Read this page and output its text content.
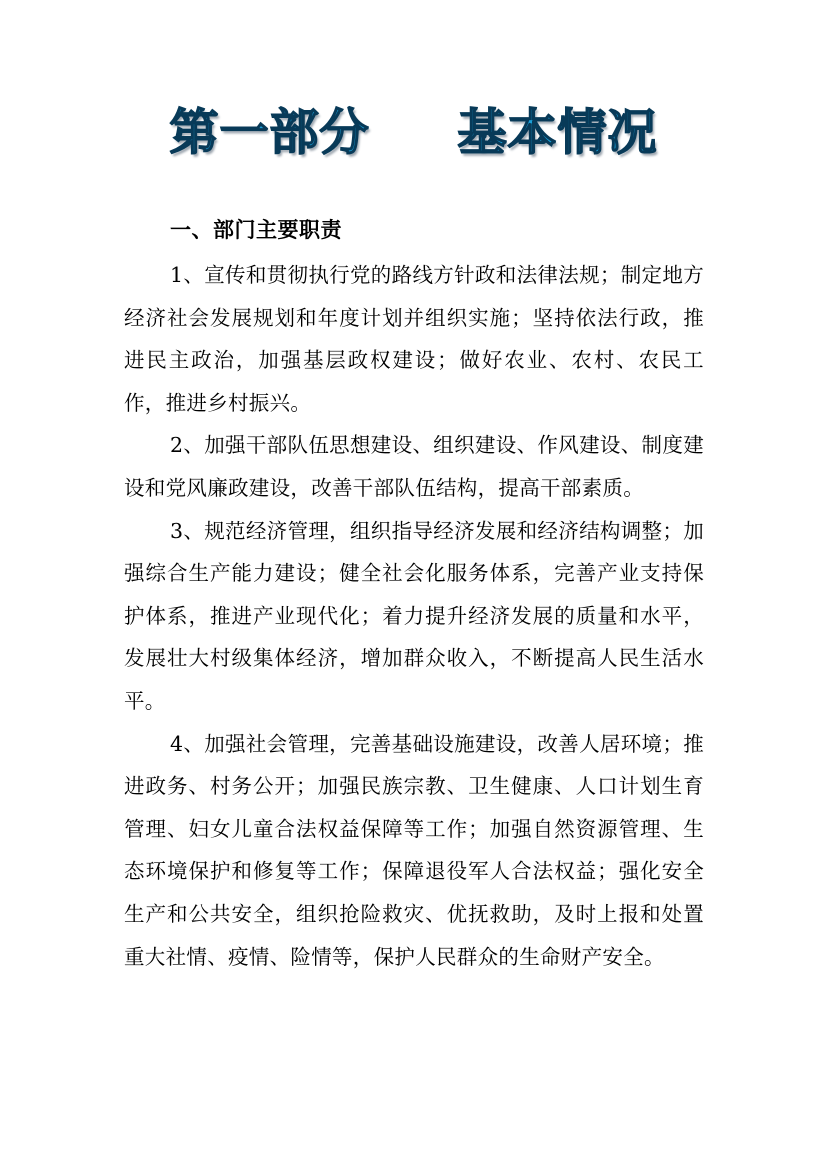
第一部分 基本情况
一、部门主要职责

1、宣传和贯彻执行党的路线方针政和法律法规；制定地方经济社会发展规划和年度计划并组织实施；坚持依法行政，推进民主政治，加强基层政权建设；做好农业、农村、农民工作，推进乡村振兴。

2、加强干部队伍思想建设、组织建设、作风建设、制度建设和党风廉政建设，改善干部队伍结构，提高干部素质。

3、规范经济管理，组织指导经济发展和经济结构调整；加强综合生产能力建设；健全社会化服务体系，完善产业支持保护体系，推进产业现代化；着力提升经济发展的质量和水平，发展壮大村级集体经济，增加群众收入，不断提高人民生活水平。

4、加强社会管理，完善基础设施建设，改善人居环境；推进政务、村务公开；加强民族宗教、卫生健康、人口计划生育管理、妇女儿童合法权益保障等工作；加强自然资源管理、生态环境保护和修复等工作；保障退役军人合法权益；强化安全生产和公共安全，组织抢险救灾、优抚救助，及时上报和处置重大社情、疫情、险情等，保护人民群众的生命财产安全。
